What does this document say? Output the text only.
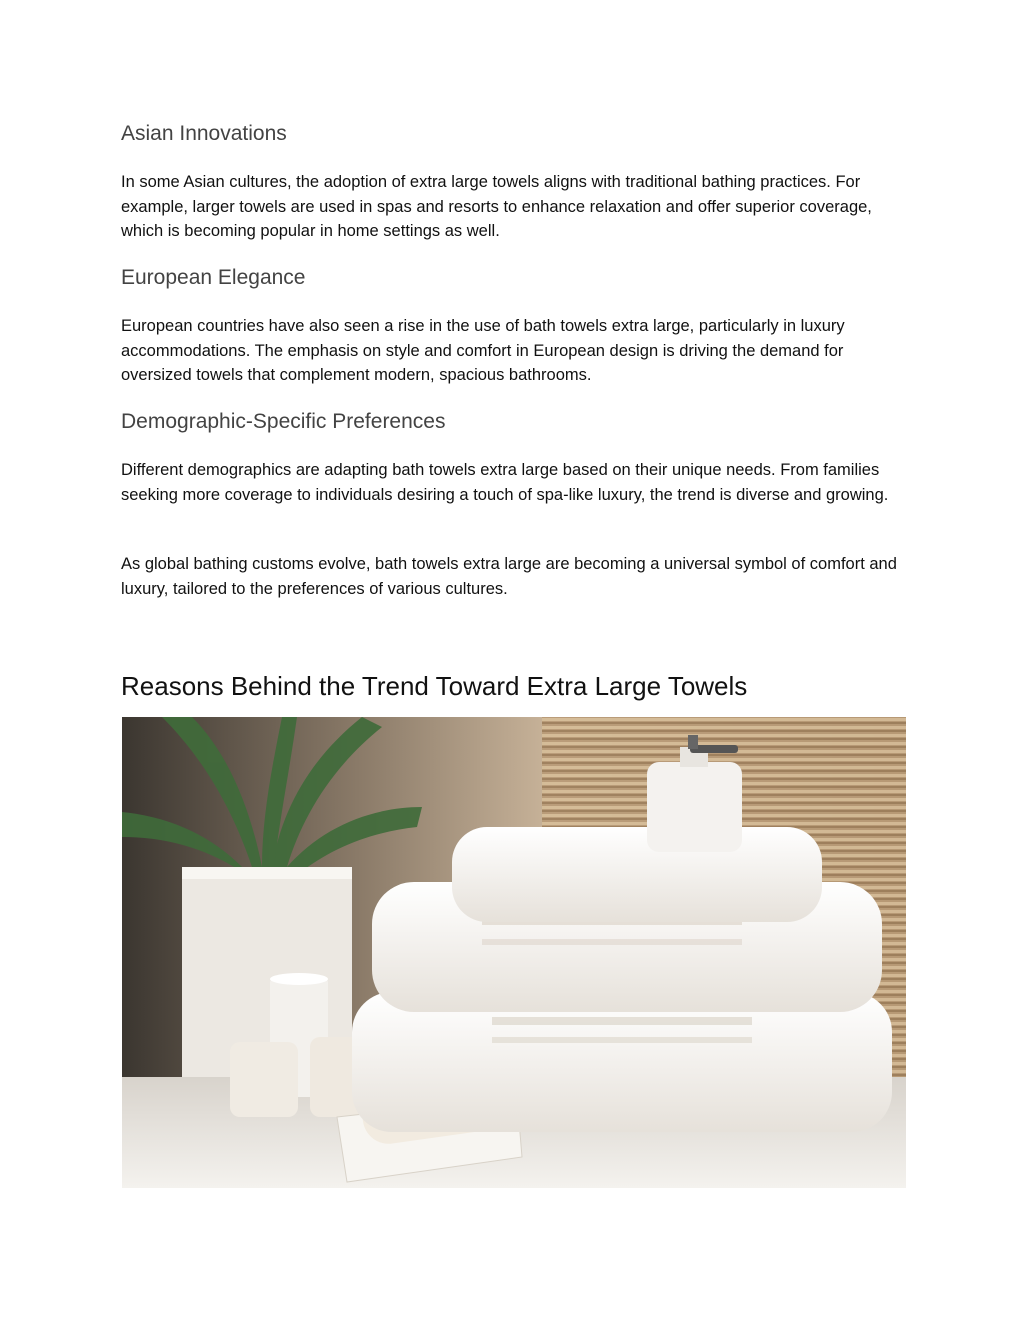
Asian Innovations

In some Asian cultures, the adoption of extra large towels aligns with traditional bathing practices. For example, larger towels are used in spas and resorts to enhance relaxation and offer superior coverage, which is becoming popular in home settings as well.

European Elegance

European countries have also seen a rise in the use of bath towels extra large, particularly in luxury accommodations. The emphasis on style and comfort in European design is driving the demand for oversized towels that complement modern, spacious bathrooms.

Demographic-Specific Preferences

Different demographics are adapting bath towels extra large based on their unique needs. From families seeking more coverage to individuals desiring a touch of spa-like luxury, the trend is diverse and growing.

As global bathing customs evolve, bath towels extra large are becoming a universal symbol of comfort and luxury, tailored to the preferences of various cultures.

Reasons Behind the Trend Toward Extra Large Towels
